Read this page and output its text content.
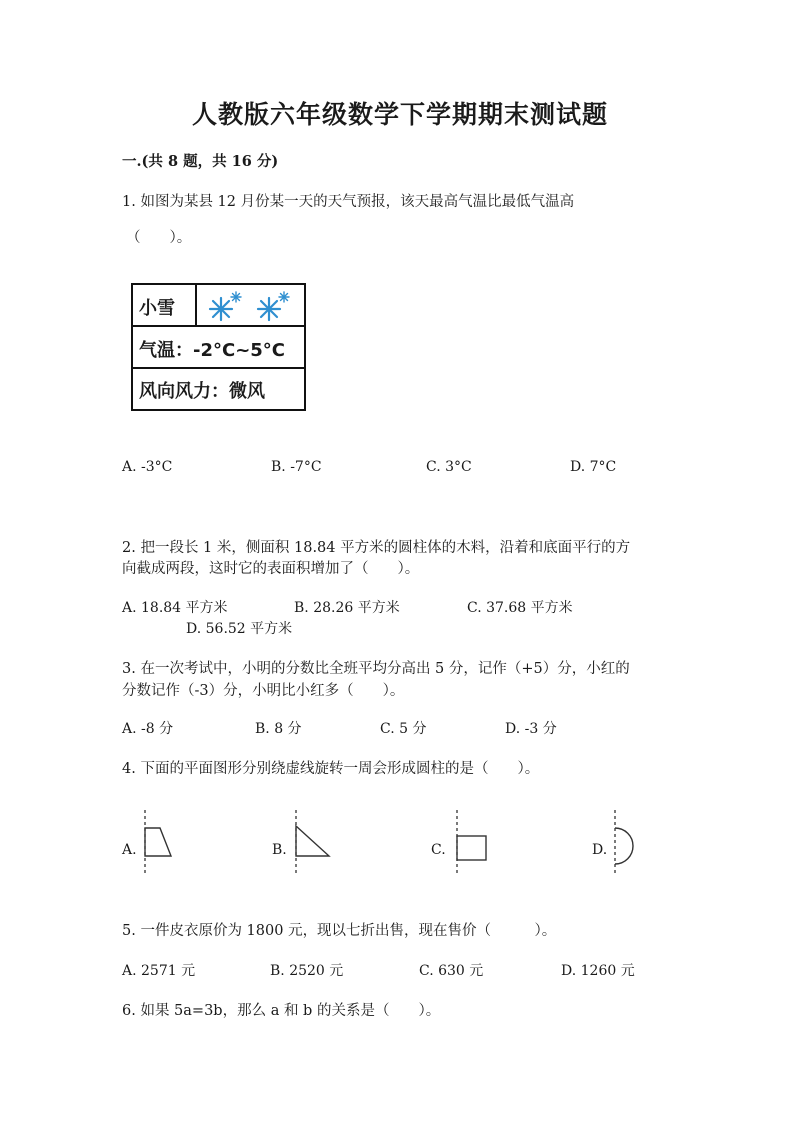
人教版六年级数学下学期期末测试题
一.(共 8 题，共 16 分)
1. 如图为某县 12 月份某一天的天气预报，该天最高气温比最低气温高
（　　）。
小雪
气温：-2°C~5°C
风向风力：微风
A. -3°C	B. -7°C	C. 3°C	D. 7°C
2. 把一段长 1 米，侧面积 18.84 平方米的圆柱体的木料，沿着和底面平行的方
向截成两段，这时它的表面积增加了（　　）。
A. 18.84 平方米	B. 28.26 平方米	C. 37.68 平方米
D. 56.52 平方米
3. 在一次考试中，小明的分数比全班平均分高出 5 分，记作（+5）分，小红的
分数记作（-3）分，小明比小红多（　　）。
A. -8 分	B. 8 分	C. 5 分	D. -3 分
4. 下面的平面图形分别绕虚线旋转一周会形成圆柱的是（　　）。
A.	B.	C.	D.
5. 一件皮衣原价为 1800 元，现以七折出售，现在售价（　　　）。
A. 2571 元	B. 2520 元	C. 630 元	D. 1260 元
6. 如果 5a=3b，那么 a 和 b 的关系是（　　）。
